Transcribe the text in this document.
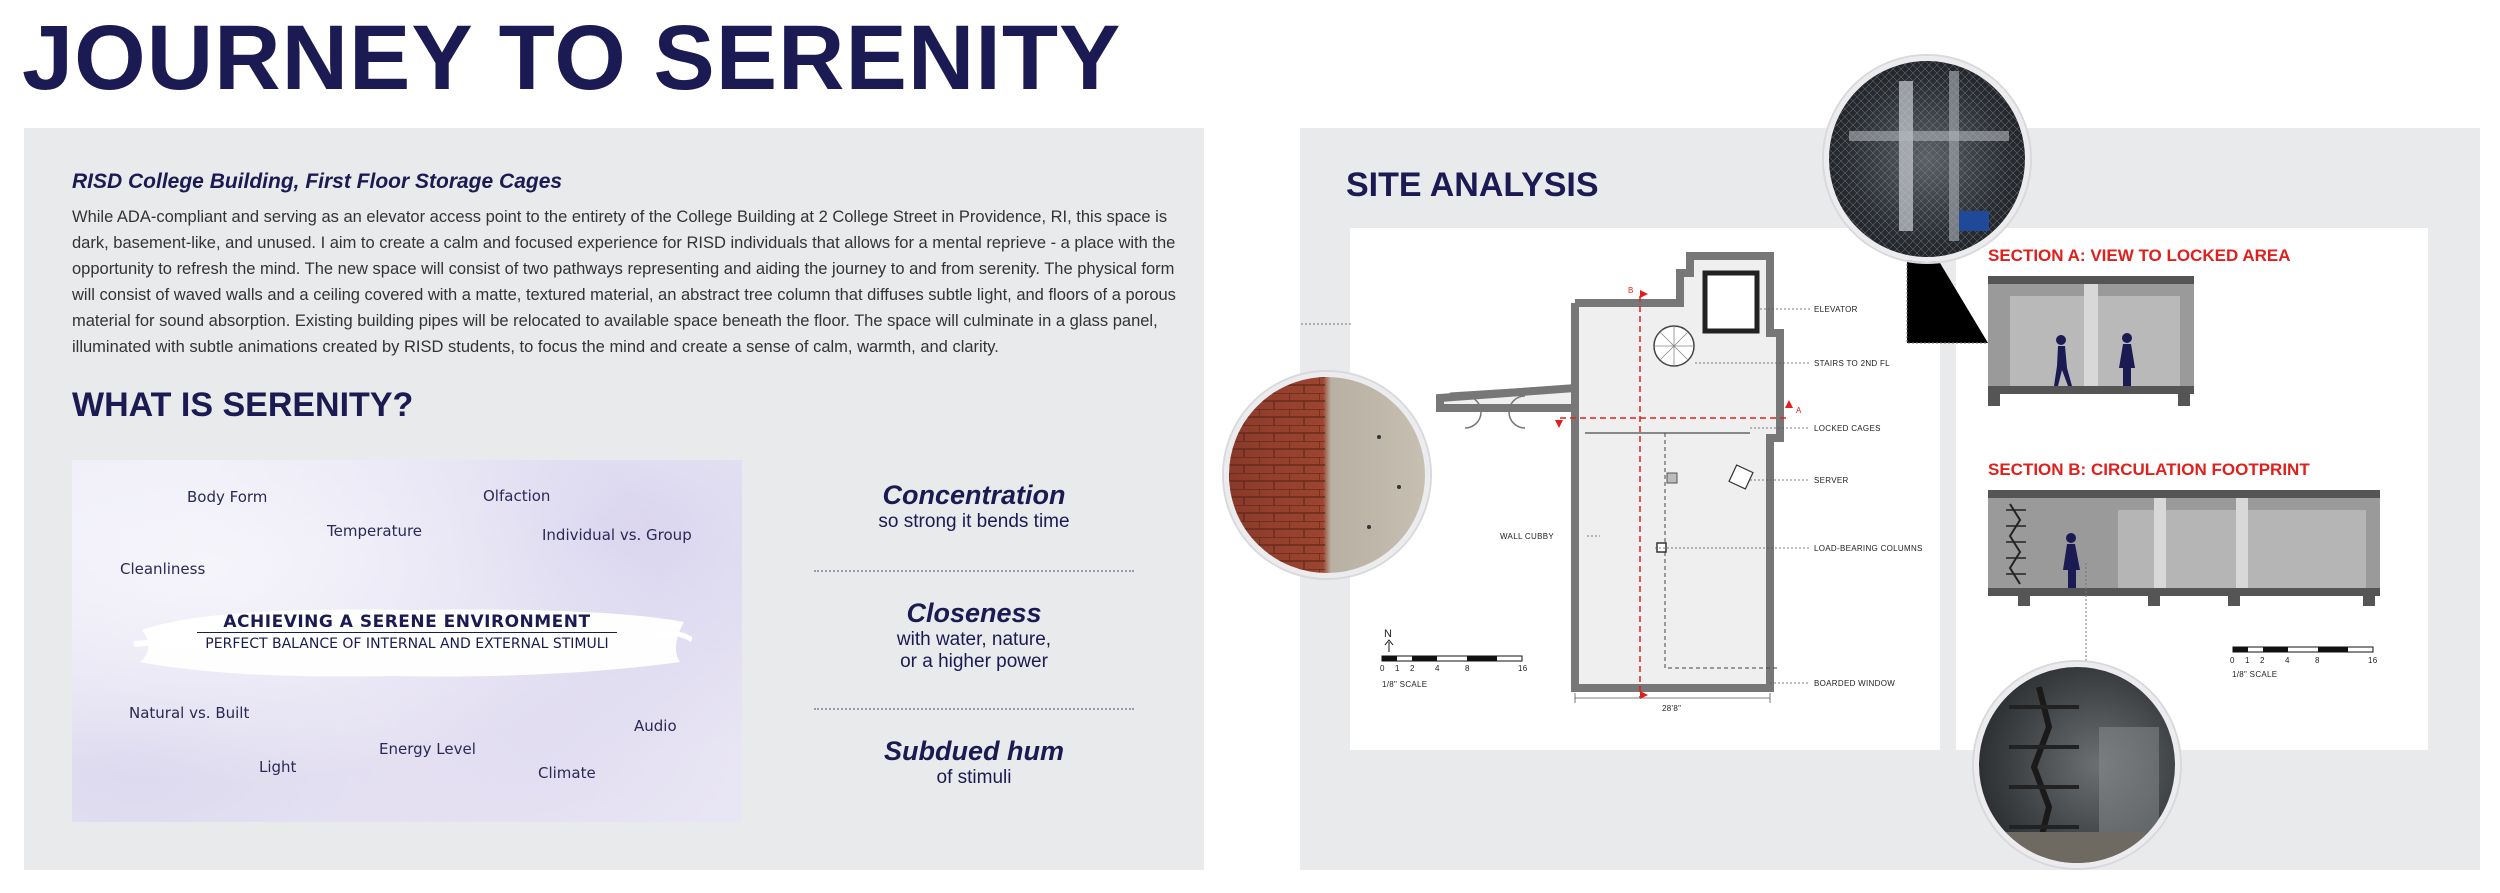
JOURNEY TO SERENITY
RISD College Building, First Floor Storage Cages
While ADA-compliant and serving as an elevator access point to the entirety of the College Building at 2 College Street in Providence, RI, this space is dark, basement-like, and unused. I aim to create a calm and focused experience for RISD individuals that allows for a mental reprieve - a place with the opportunity to refresh the mind. The new space will consist of two pathways representing and aiding the journey to and from serenity. The physical form will consist of waved walls and a ceiling covered with a matte, textured material, an abstract tree column that diffuses subtle light, and floors of a porous material for sound absorption. Existing building pipes will be relocated to available space beneath the floor. The space will culminate in a glass panel, illuminated with subtle animations created by RISD students, to focus the mind and create a sense of calm, warmth, and clarity.
WHAT IS SERENITY?
Body Form	Olfaction
Temperature	Individual vs. Group
Cleanliness
ACHIEVING A SERENE ENVIRONMENT
PERFECT BALANCE OF INTERNAL AND EXTERNAL STIMULI
Natural vs. Built
Audio
Energy Level
Light	Climate
Concentration
so strong it bends time
Closeness
with water, nature,
or a higher power
Subdued hum
of stimuli
SITE ANALYSIS
ELEVATOR
STAIRS TO 2ND FL
LOCKED CAGES
SERVER
WALL CUBBY
LOAD-BEARING COLUMNS
BOARDED WINDOW
28'8"
N
1/8" SCALE
0 1 2	4	8	16
B
A
SECTION A: VIEW TO LOCKED AREA
SECTION B: CIRCULATION FOOTPRINT
0 1 2	4	8	16
1/8" SCALE
